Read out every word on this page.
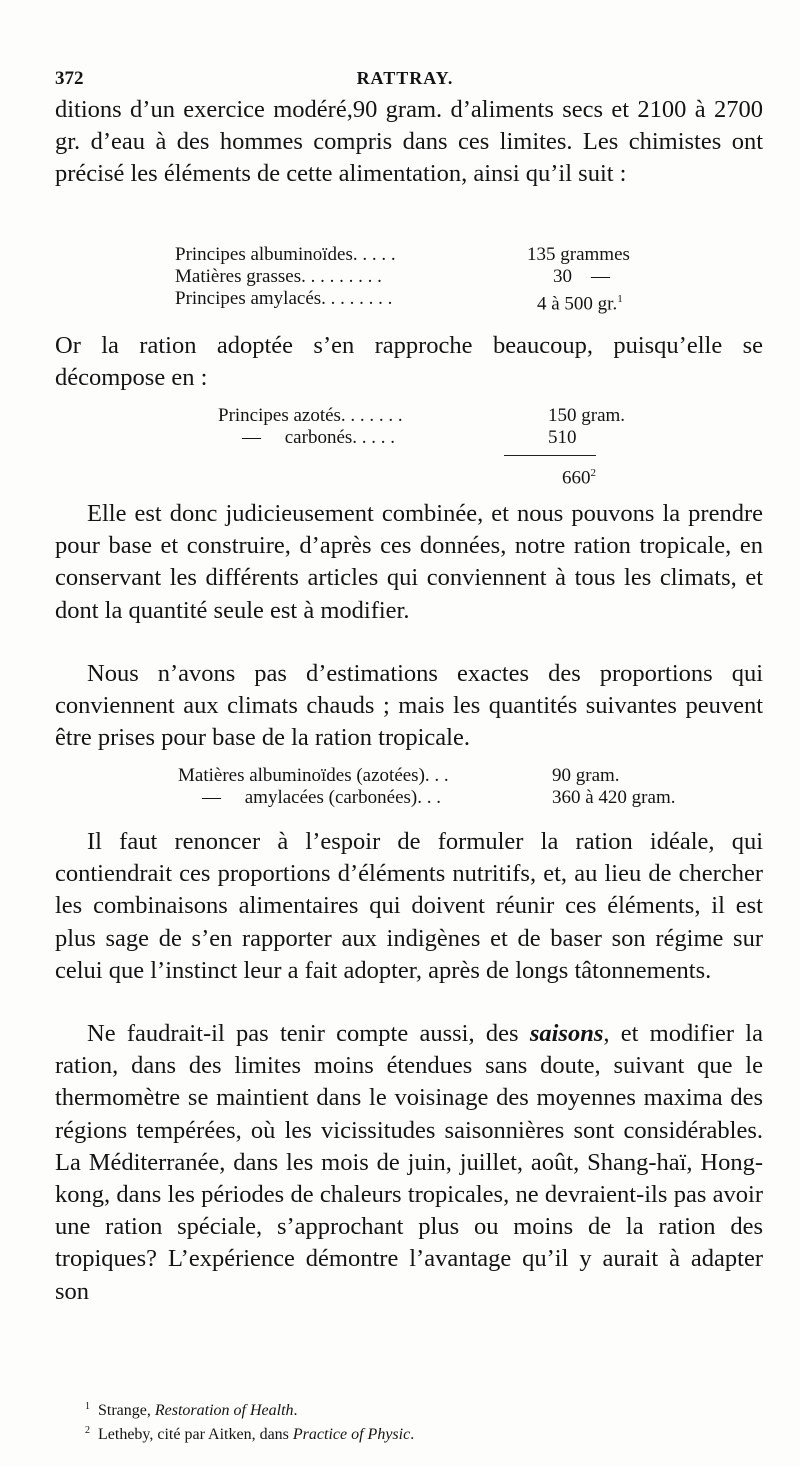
372	RATTRAY.
ditions d’un exercice modéré,90 gram. d’aliments secs et 2100 à 2700 gr. d’eau à des hommes compris dans ces limites. Les chimistes ont précisé les éléments de cette alimentation, ainsi qu’il suit :
Principes albuminoïdes. . . . .	135 grammes
Matières grasses. . . . . . . . .	30    —
Principes amylacés. . . . . . . .	4 à 500 gr.$^1$
Or la ration adoptée s’en rapproche beaucoup, puisqu’elle se décompose en :
Principes azotés. . . . . . .	150 gram.
—     carbonés. . . . .	510
$660^2$
Elle est donc judicieusement combinée, et nous pouvons la prendre pour base et construire, d’après ces données, notre ration tropicale, en conservant les différents articles qui conviennent à tous les climats, et dont la quantité seule est à modifier.
Nous n’avons pas d’estimations exactes des proportions qui conviennent aux climats chauds ; mais les quantités suivantes peuvent être prises pour base de la ration tropicale.
Matières albuminoïdes (azotées). . .	90 gram.
—     amylacées (carbonées). . .	360 à 420 gram.
Il faut renoncer à l’espoir de formuler la ration idéale, qui contiendrait ces proportions d’éléments nutritifs, et, au lieu de chercher les combinaisons alimentaires qui doivent réunir ces éléments, il est plus sage de s’en rapporter aux indigènes et de baser son régime sur celui que l’instinct leur a fait adopter, après de longs tâtonnements.
Ne faudrait-il pas tenir compte aussi, des saisons, et modifier la ration, dans des limites moins étendues sans doute, suivant que le thermomètre se maintient dans le voisinage des moyennes maxima des régions tempérées, où les vicissitudes saisonnières sont considérables. La Méditerranée, dans les mois de juin, juillet, août, Shang-haï, Hong-kong, dans les périodes de chaleurs tropicales, ne devraient-ils pas avoir une ration spéciale, s’approchant plus ou moins de la ration des tropiques? L’expérience démontre l’avantage qu’il y aurait à adapter son
$^1$ Strange, Restoration of Health.
$^2$ Letheby, cité par Aitken, dans Practice of Physic.
